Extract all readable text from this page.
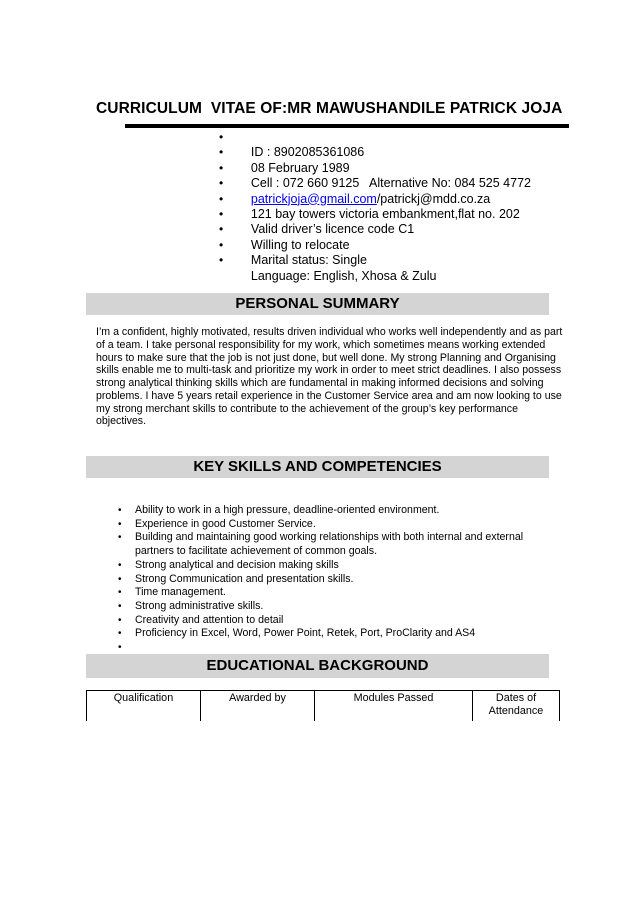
CURRICULUM  VITAE OF:MR MAWUSHANDILE PATRICK JOJA

•
ID : 8902085361086

•
08 February 1989

•
Cell : 072 660 9125   Alternative No: 084 525 4772

•
patrickjoja@gmail.com/patrickj@mdd.co.za

•
121 bay towers victoria embankment,flat no. 202

•
Valid driver’s licence code C1

•
Willing to relocate

•
Marital status: Single

•
Language: English, Xhosa & Zulu

PERSONAL SUMMARY

I’m a confident, highly motivated, results driven individual who works well independently and as part of a team. I take personal responsibility for my work, which sometimes means working extended hours to make sure that the job is not just done, but well done. My strong Planning and Organising skills enable me to multi-task and prioritize my work in order to meet strict deadlines. I also possess strong analytical thinking skills which are fundamental in making informed decisions and solving problems. I have 5 years retail experience in the Customer Service area and am now looking to use my strong merchant skills to contribute to the achievement of the group’s key performance objectives.

KEY SKILLS AND COMPETENCIES
• Ability to work in a high pressure, deadline-oriented environment.
• Experience in good Customer Service.
• Building and maintaining good working relationships with both internal and external partners to facilitate achievement of common goals.
• Strong analytical and decision making skills
• Strong Communication and presentation skills.
• Time management.
• Strong administrative skills.
• Creativity and attention to detail
• Proficiency in Excel, Word, Power Point, Retek, Port, ProClarity and AS4
•

EDUCATIONAL BACKGROUND
Qualification	Awarded by	Modules Passed	Dates of Attendance
